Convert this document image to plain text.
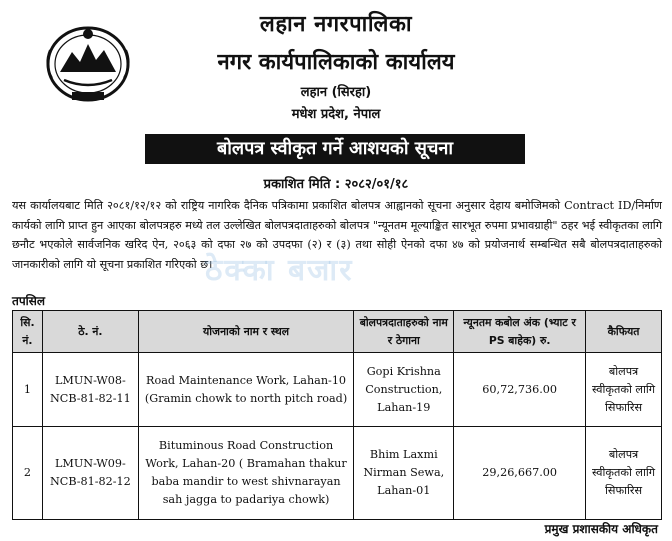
लहान नगरपालिका
नगर कार्यपालिकाको कार्यालय
लहान (सिरहा)
मधेश प्रदेश, नेपाल
बोलपत्र स्वीकृत गर्ने आशयको सूचना
प्रकाशित मिति : २०८२/०१/१८
यस कार्यालयबाट मिति २०८१/१२/१२ को राष्ट्रिय नागरिक दैनिक पत्रिकामा प्रकाशित बोलपत्र आह्वानको सूचना अनुसार देहाय बमोजिमको Contract ID/निर्माण कार्यको लागि प्राप्त हुन आएका बोलपत्रहरु मध्ये तल उल्लेखित बोलपत्रदाताहरुको बोलपत्र "न्यूनतम मूल्याङ्कित सारभूत रुपमा प्रभावग्राही" ठहर भई स्वीकृतका लागि छनौट भएकोले सार्वजनिक खरिद ऐन, २०६३ को दफा २७ को उपदफा (२) र (३) तथा सोही ऐनको दफा ४७ को प्रयोजनार्थ सम्बन्धित सबै बोलपत्रदाताहरुको जानकारीको लागि यो सूचना प्रकाशित गरिएको छ।
ठेक्का बजार
तपसिल
सि. नं.	ठे. नं.	योजनाको नाम र स्थल	बोलपत्रदाताहरुको नाम र ठेगाना	न्यूनतम कबोल अंक (भ्याट र PS बाहेक) रु.	कैफियत
1	LMUN-W08-NCB-81-82-11	Road Maintenance Work, Lahan-10 (Gramin chowk to north pitch road)	Gopi Krishna Construction, Lahan-19	60,72,736.00	बोलपत्र स्वीकृतको लागि सिफारिस
2	LMUN-W09-NCB-81-82-12	Bituminous Road Construction Work, Lahan-20 ( Bramahan thakur baba mandir to west shivnarayan sah jagga to padariya chowk)	Bhim Laxmi Nirman Sewa, Lahan-01	29,26,667.00	बोलपत्र स्वीकृतको लागि सिफारिस
प्रमुख प्रशासकीय अधिकृत
